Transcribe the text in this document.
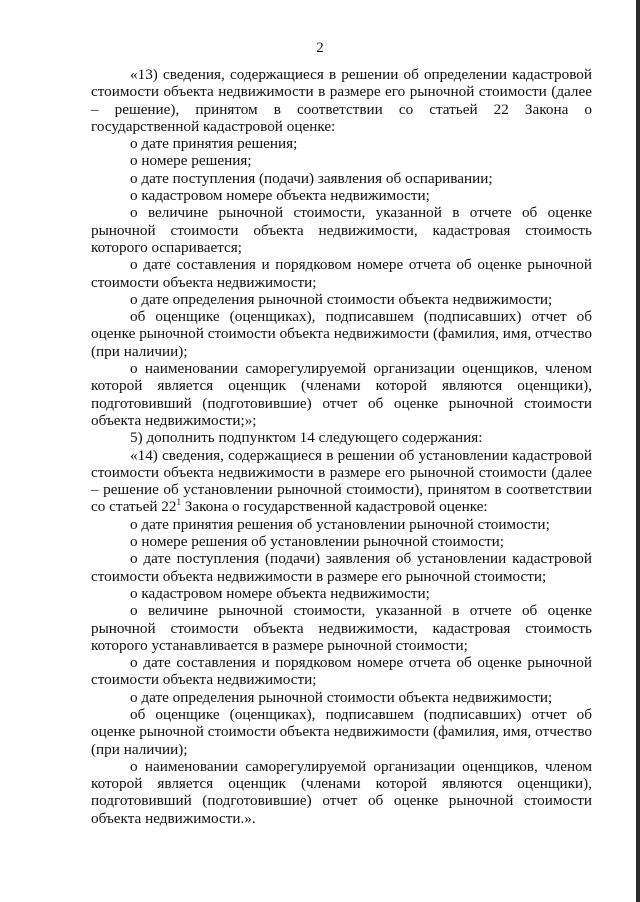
2

«13) сведения, содержащиеся в решении об определении кадастровой стоимости объекта недвижимости в размере его рыночной стоимости (далее – решение), принятом в соответствии со статьей 22 Закона о государственной кадастровой оценке:

о дате принятия решения;

о номере решения;

о дате поступления (подачи) заявления об оспаривании;

о кадастровом номере объекта недвижимости;

о величине рыночной стоимости, указанной в отчете об оценке рыночной стоимости объекта недвижимости, кадастровая стоимость которого оспаривается;

о дате составления и порядковом номере отчета об оценке рыночной стоимости объекта недвижимости;

о дате определения рыночной стоимости объекта недвижимости;

об оценщике (оценщиках), подписавшем (подписавших) отчет об оценке рыночной стоимости объекта недвижимости (фамилия, имя, отчество (при наличии);

о наименовании саморегулируемой организации оценщиков, членом которой является оценщик (членами которой являются оценщики), подготовивший (подготовившие) отчет об оценке рыночной стоимости объекта недвижимости;»;

5) дополнить подпунктом 14 следующего содержания:

«14) сведения, содержащиеся в решении об установлении кадастровой стоимости объекта недвижимости в размере его рыночной стоимости (далее – решение об установлении рыночной стоимости), принятом в соответствии со статьей $22^1$ Закона о государственной кадастровой оценке:

о дате принятия решения об установлении рыночной стоимости;

о номере решения об установлении рыночной стоимости;

о дате поступления (подачи) заявления об установлении кадастровой стоимости объекта недвижимости в размере его рыночной стоимости;

о кадастровом номере объекта недвижимости;

о величине рыночной стоимости, указанной в отчете об оценке рыночной стоимости объекта недвижимости, кадастровая стоимость которого устанавливается в размере рыночной стоимости;

о дате составления и порядковом номере отчета об оценке рыночной стоимости объекта недвижимости;

о дате определения рыночной стоимости объекта недвижимости;

об оценщике (оценщиках), подписавшем (подписавших) отчет об оценке рыночной стоимости объекта недвижимости (фамилия, имя, отчество (при наличии);

о наименовании саморегулируемой организации оценщиков, членом которой является оценщик (членами которой являются оценщики), подготовивший (подготовившие) отчет об оценке рыночной стоимости объекта недвижимости.».
